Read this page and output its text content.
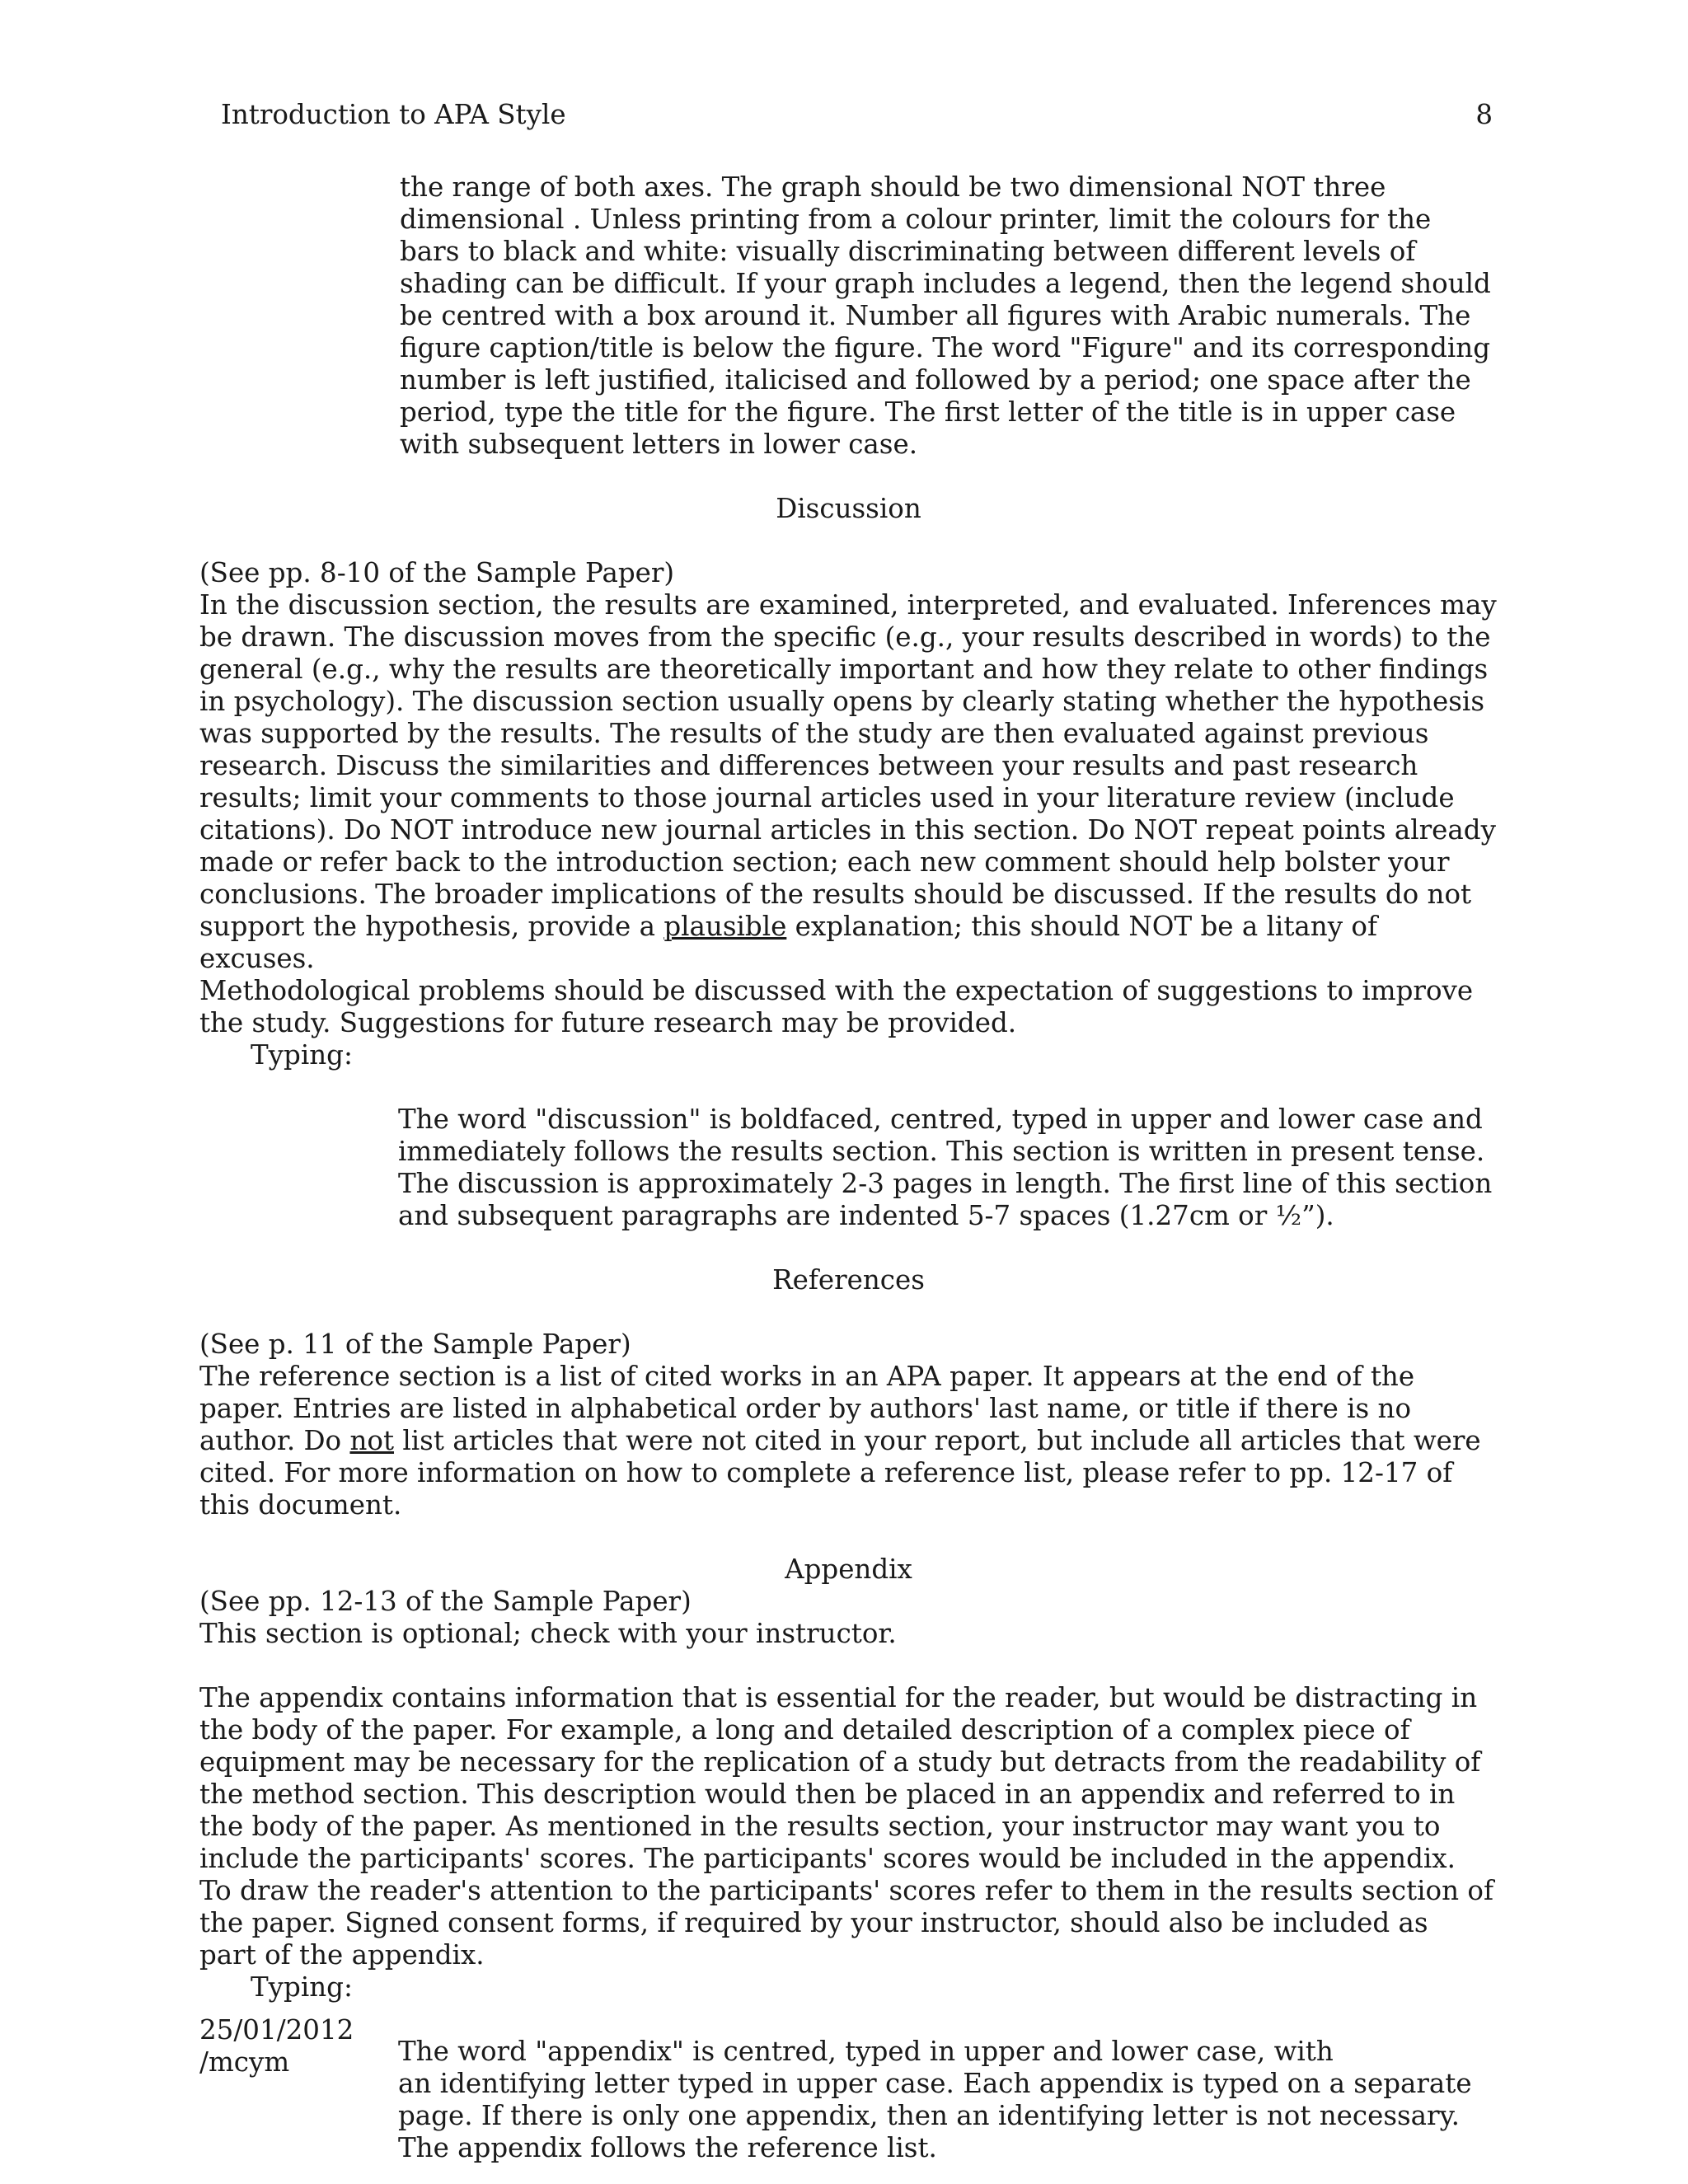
Introduction to APA Style	8
the range of both axes. The graph should be two dimensional NOT three
dimensional . Unless printing from a colour printer, limit the colours for the
bars to black and white: visually discriminating between different levels of
shading can be difficult. If your graph includes a legend, then the legend should
be centred with a box around it. Number all figures with Arabic numerals. The
figure caption/title is below the figure. The word "Figure" and its corresponding
number is left justified, italicised and followed by a period; one space after the
period, type the title for the figure. The first letter of the title is in upper case
with subsequent letters in lower case.
Discussion
(See pp. 8-10 of the Sample Paper)
In the discussion section, the results are examined, interpreted, and evaluated. Inferences may
be drawn. The discussion moves from the specific (e.g., your results described in words) to the
general (e.g., why the results are theoretically important and how they relate to other findings
in psychology). The discussion section usually opens by clearly stating whether the hypothesis
was supported by the results. The results of the study are then evaluated against previous
research. Discuss the similarities and differences between your results and past research
results; limit your comments to those journal articles used in your literature review (include
citations). Do NOT introduce new journal articles in this section. Do NOT repeat points already
made or refer back to the introduction section; each new comment should help bolster your
conclusions. The broader implications of the results should be discussed. If the results do not
support the hypothesis, provide a plausible explanation; this should NOT be a litany of excuses.
Methodological problems should be discussed with the expectation of suggestions to improve
the study. Suggestions for future research may be provided.

Typing:

The word "discussion" is boldfaced, centred, typed in upper and lower case and
immediately follows the results section. This section is written in present tense.
The discussion is approximately 2-3 pages in length. The first line of this section
and subsequent paragraphs are indented 5-7 spaces (1.27cm or ½”).

References
(See p. 11 of the Sample Paper)
The reference section is a list of cited works in an APA paper. It appears at the end of the
paper. Entries are listed in alphabetical order by authors' last name, or title if there is no
author. Do not list articles that were not cited in your report, but include all articles that were
cited. For more information on how to complete a reference list, please refer to pp. 12-17 of
this document.
Appendix
(See pp. 12-13 of the Sample Paper)
This section is optional; check with your instructor.
The appendix contains information that is essential for the reader, but would be distracting in
the body of the paper. For example, a long and detailed description of a complex piece of
equipment may be necessary for the replication of a study but detracts from the readability of
the method section. This description would then be placed in an appendix and referred to in
the body of the paper. As mentioned in the results section, your instructor may want you to
include the participants' scores. The participants' scores would be included in the appendix.
To draw the reader's attention to the participants' scores refer to them in the results section of
the paper. Signed consent forms, if required by your instructor, should also be included as
part of the appendix.

Typing:

The word "appendix" is centred, typed in upper and lower case, with
an identifying letter typed in upper case. Each appendix is typed on a separate
page. If there is only one appendix, then an identifying letter is not necessary.
The appendix follows the reference list.

25/01/2012
/mcym
